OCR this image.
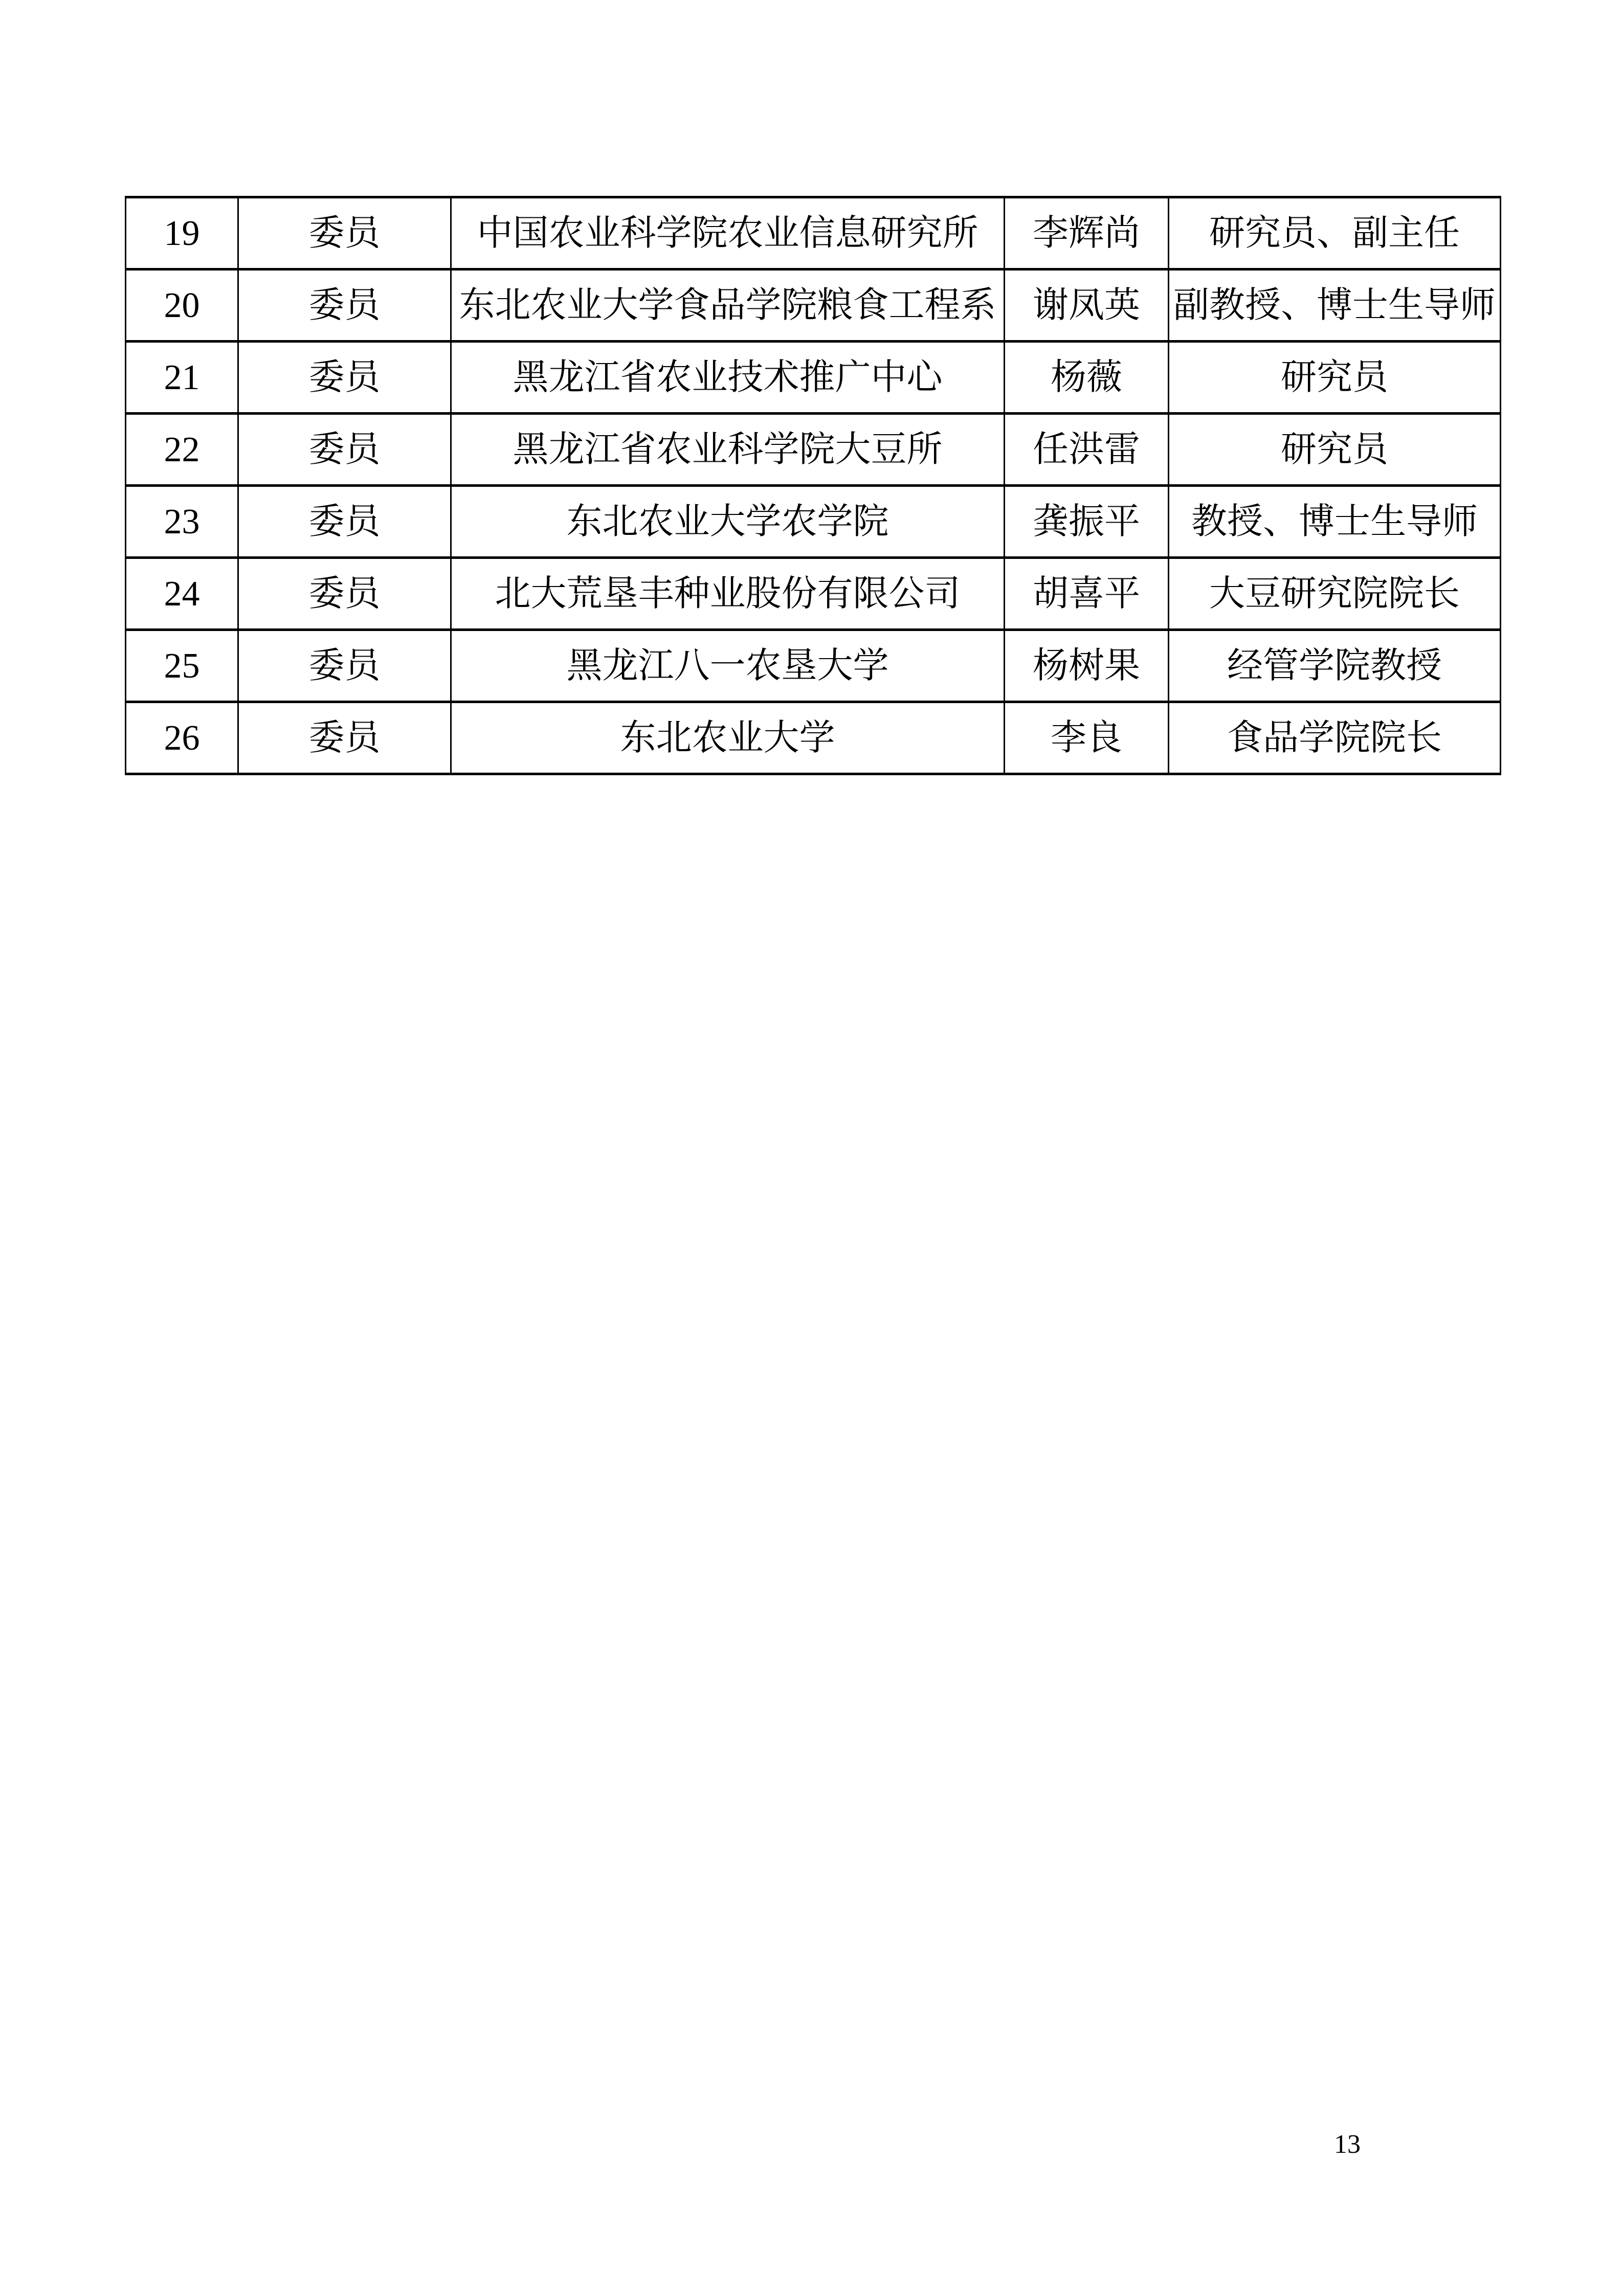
19	委员	中国农业科学院农业信息研究所	李辉尚	研究员、副主任
20	委员	东北农业大学食品学院粮食工程系	谢凤英	副教授、博士生导师
21	委员	黑龙江省农业技术推广中心	杨薇	研究员
22	委员	黑龙江省农业科学院大豆所	任洪雷	研究员
23	委员	东北农业大学农学院	龚振平	教授、博士生导师
24	委员	北大荒垦丰种业股份有限公司	胡喜平	大豆研究院院长
25	委员	黑龙江八一农垦大学	杨树果	经管学院教授
26	委员	东北农业大学	李良	食品学院院长
13
